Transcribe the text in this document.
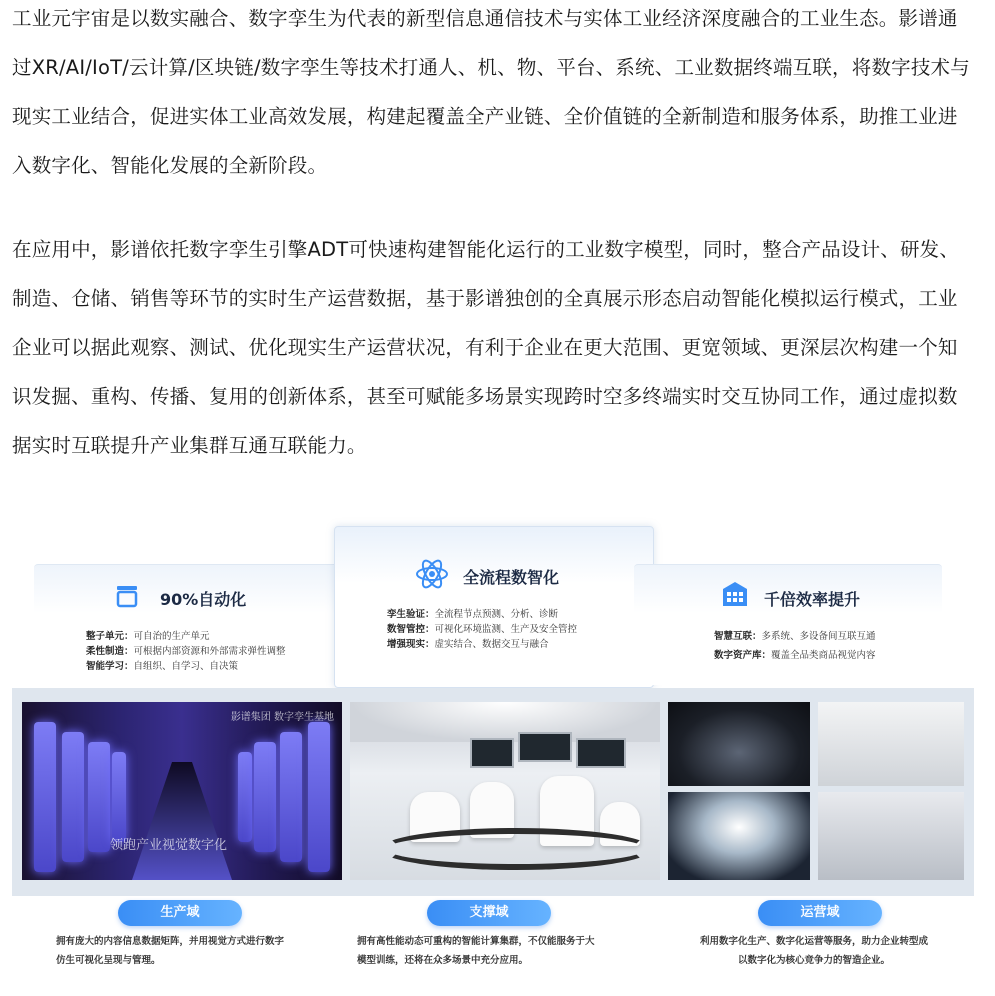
工业元宇宙是以数实融合、数字孪生为代表的新型信息通信技术与实体工业经济深度融合的工业生态。影谱通过XR/AI/IoT/云计算/区块链/数字孪生等技术打通人、机、物、平台、系统、工业数据终端互联，将数字技术与现实工业结合，促进实体工业高效发展，构建起覆盖全产业链、全价值链的全新制造和服务体系，助推工业进入数字化、智能化发展的全新阶段。

在应用中，影谱依托数字孪生引擎ADT可快速构建智能化运行的工业数字模型，同时，整合产品设计、研发、制造、仓储、销售等环节的实时生产运营数据，基于影谱独创的全真展示形态启动智能化模拟运行模式，工业企业可以据此观察、测试、优化现实生产运营状况，有利于企业在更大范围、更宽领域、更深层次构建一个知识发掘、重构、传播、复用的创新体系，甚至可赋能多场景实现跨时空多终端实时交互协同工作，通过虚拟数据实时互联提升产业集群互通互联能力。

90%自动化
整子单元：可自治的生产单元
柔性制造：可根据内部资源和外部需求弹性调整
智能学习：自组织、自学习、自决策
全流程数智化
孪生验证：全流程节点预测、分析、诊断
数智管控：可视化环境监测、生产及安全管控
增强现实：虚实结合、数据交互与融合
千倍效率提升
智慧互联：多系统、多设备间互联互通
数字资产库：覆盖全品类商品视觉内容
影谱集团 数字孪生基地
领跑产业视觉数字化
生产域	支撑域	运营域
拥有庞大的内容信息数据矩阵，并用视觉方式进行数字
仿生可视化呈现与管理。
拥有高性能动态可重构的智能计算集群，不仅能服务于大
模型训练，还将在众多场景中充分应用。
利用数字化生产、数字化运营等服务，助力企业转型成
以数字化为核心竞争力的智造企业。
